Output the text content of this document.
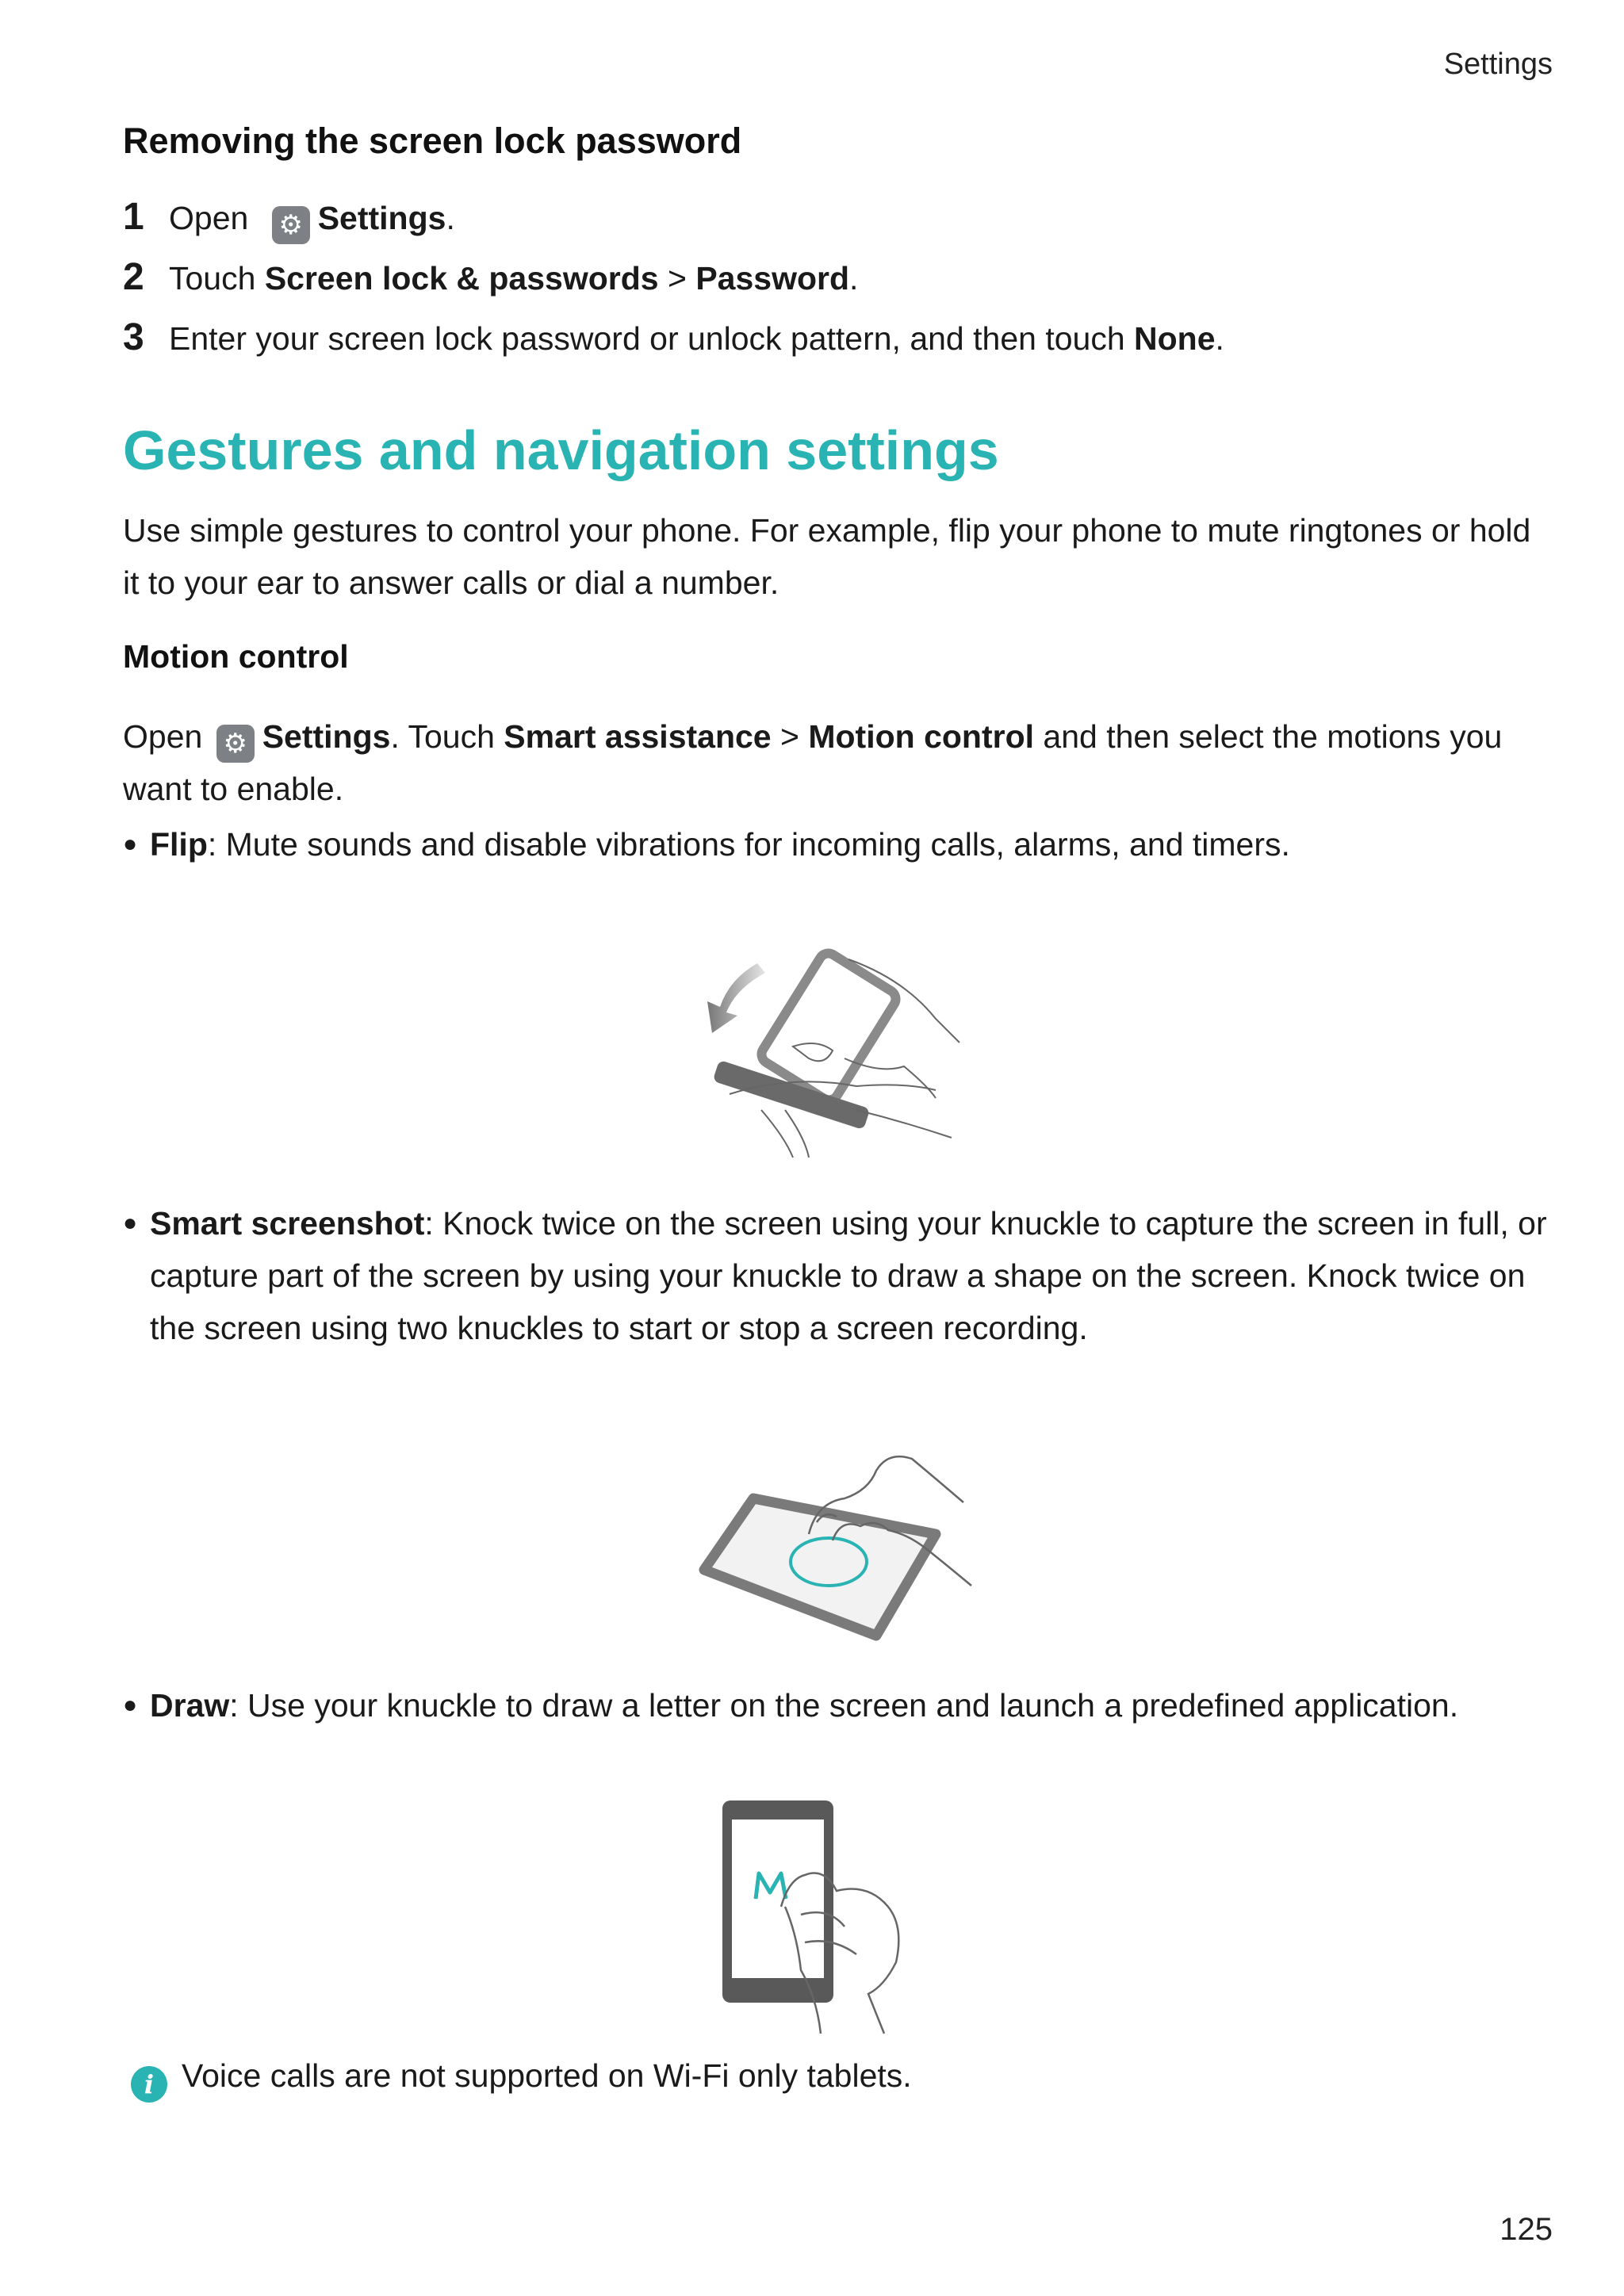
Settings
Removing the screen lock password
1 Open ⚙ Settings.
2 Touch Screen lock & passwords > Password.
3 Enter your screen lock password or unlock pattern, and then touch None.
Gestures and navigation settings
Use simple gestures to control your phone. For example, flip your phone to mute ringtones or hold it to your ear to answer calls or dial a number.
Motion control
Open ⚙ Settings. Touch Smart assistance > Motion control and then select the motions you want to enable.
● Flip: Mute sounds and disable vibrations for incoming calls, alarms, and timers.
● Smart screenshot: Knock twice on the screen using your knuckle to capture the screen in full, or capture part of the screen by using your knuckle to draw a shape on the screen. Knock twice on the screen using two knuckles to start or stop a screen recording.
● Draw: Use your knuckle to draw a letter on the screen and launch a predefined application.
i Voice calls are not supported on Wi-Fi only tablets.
125
